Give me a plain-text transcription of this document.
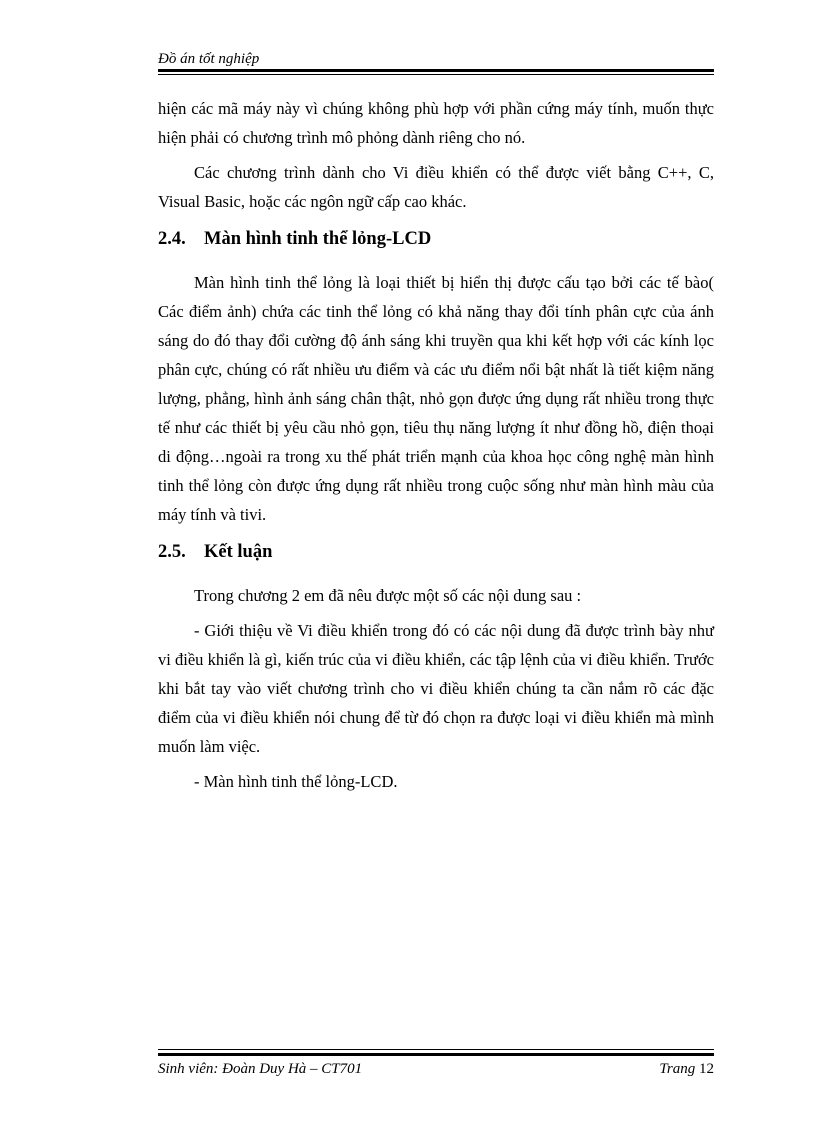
Đồ án tốt nghiệp

hiện các mã máy này vì chúng không phù hợp với phần cứng máy tính, muốn thực hiện phải có chương trình mô phỏng dành riêng cho nó.

Các chương trình dành cho Vi điều khiển có thể được viết bằng C++, C, Visual Basic, hoặc các ngôn ngữ cấp cao khác.

2.4. Màn hình tinh thể lỏng-LCD

Màn hình tinh thể lỏng là loại thiết bị hiển thị được cấu tạo bởi các tế bào( Các điểm ảnh) chứa các tinh thể lỏng có khả năng thay đổi tính phân cực của ánh sáng do đó thay đổi cường độ ánh sáng khi truyền qua khi kết hợp với các kính lọc phân cực, chúng có rất nhiều ưu điểm và các ưu điểm nổi bật nhất là tiết kiệm năng lượng, phẳng, hình ảnh sáng chân thật, nhỏ gọn được ứng dụng rất nhiều trong thực tế như các thiết bị yêu cầu nhỏ gọn, tiêu thụ năng lượng ít như đồng hồ, điện thoại di động…ngoài ra trong xu thế phát triển mạnh của khoa học công nghệ màn hình tinh thể lỏng còn được ứng dụng rất nhiều trong cuộc sống như màn hình màu của máy tính và tivi.

2.5. Kết luận

Trong chương 2 em đã nêu được một số các nội dung sau :

- Giới thiệu về Vi điều khiển trong đó có các nội dung đã được trình bày như vi điều khiển là gì, kiến trúc của vi điều khiển, các tập lệnh của vi điều khiển. Trước khi bắt tay vào viết chương trình cho vi điều khiển chúng ta cần nắm rõ các đặc điểm của vi điều khiển nói chung để từ đó chọn ra được loại vi điều khiển mà mình muốn làm việc.

- Màn hình tinh thể lỏng-LCD.

Sinh viên: Đoàn Duy Hà – CT701	Trang 12
